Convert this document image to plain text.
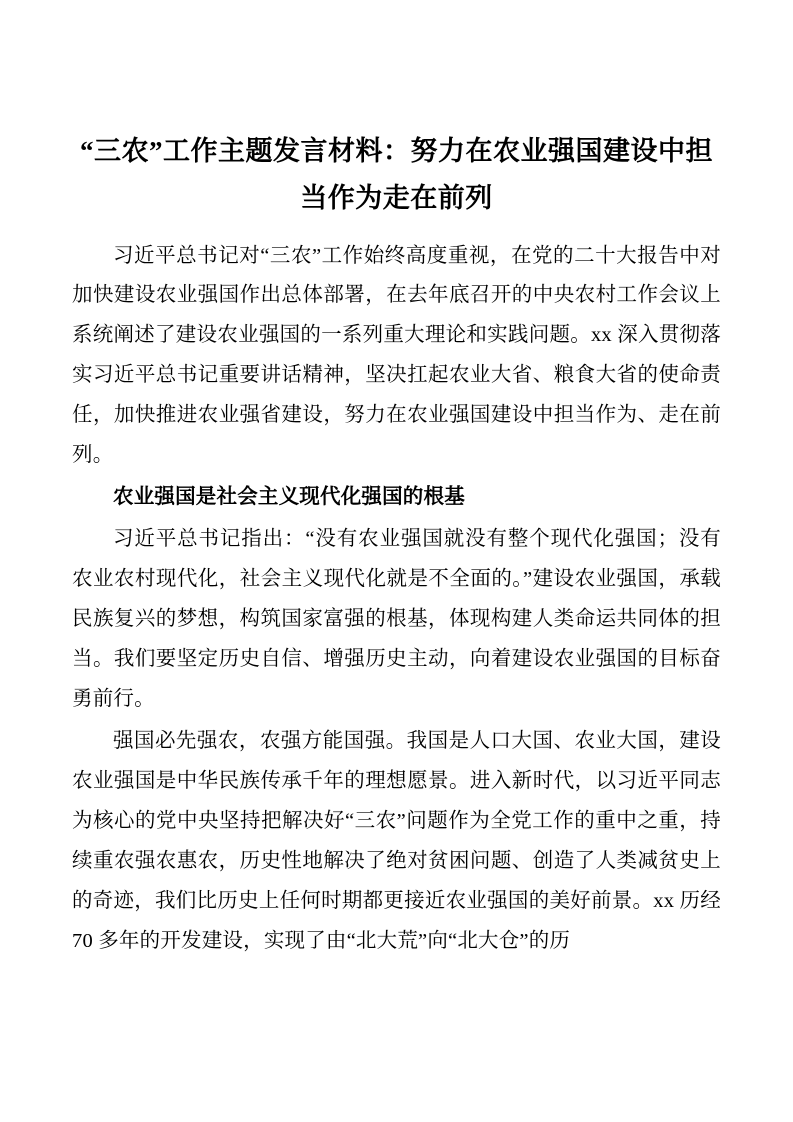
“三农”工作主题发言材料：努力在农业强国建设中担当作为走在前列

习近平总书记对“三农”工作始终高度重视，在党的二十大报告中对加快建设农业强国作出总体部署，在去年底召开的中央农村工作会议上系统阐述了建设农业强国的一系列重大理论和实践问题。xx 深入贯彻落实习近平总书记重要讲话精神，坚决扛起农业大省、粮食大省的使命责任，加快推进农业强省建设，努力在农业强国建设中担当作为、走在前列。

农业强国是社会主义现代化强国的根基

习近平总书记指出：“没有农业强国就没有整个现代化强国；没有农业农村现代化，社会主义现代化就是不全面的。”建设农业强国，承载民族复兴的梦想，构筑国家富强的根基，体现构建人类命运共同体的担当。我们要坚定历史自信、增强历史主动，向着建设农业强国的目标奋勇前行。

强国必先强农，农强方能国强。我国是人口大国、农业大国，建设农业强国是中华民族传承千年的理想愿景。进入新时代，以习近平同志为核心的党中央坚持把解决好“三农”问题作为全党工作的重中之重，持续重农强农惠农，历史性地解决了绝对贫困问题、创造了人类减贫史上的奇迹，我们比历史上任何时期都更接近农业强国的美好前景。xx 历经 70 多年的开发建设，实现了由“北大荒”向“北大仓”的历
